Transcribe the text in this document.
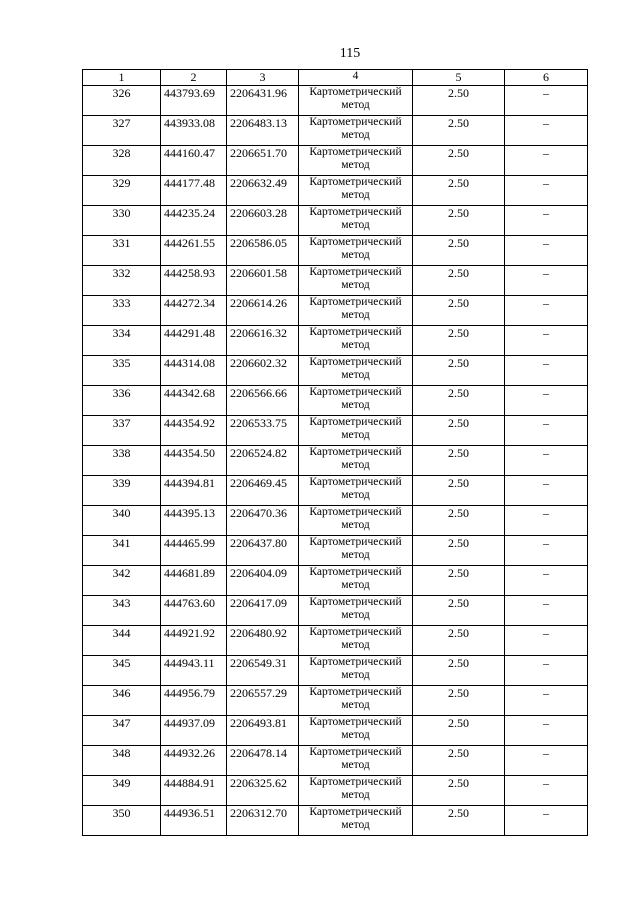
115
1	2	3	4	5	6
326	443793.69	2206431.96	Картометрический метод	2.50	–
327	443933.08	2206483.13	Картометрический метод	2.50	–
328	444160.47	2206651.70	Картометрический метод	2.50	–
329	444177.48	2206632.49	Картометрический метод	2.50	–
330	444235.24	2206603.28	Картометрический метод	2.50	–
331	444261.55	2206586.05	Картометрический метод	2.50	–
332	444258.93	2206601.58	Картометрический метод	2.50	–
333	444272.34	2206614.26	Картометрический метод	2.50	–
334	444291.48	2206616.32	Картометрический метод	2.50	–
335	444314.08	2206602.32	Картометрический метод	2.50	–
336	444342.68	2206566.66	Картометрический метод	2.50	–
337	444354.92	2206533.75	Картометрический метод	2.50	–
338	444354.50	2206524.82	Картометрический метод	2.50	–
339	444394.81	2206469.45	Картометрический метод	2.50	–
340	444395.13	2206470.36	Картометрический метод	2.50	–
341	444465.99	2206437.80	Картометрический метод	2.50	–
342	444681.89	2206404.09	Картометрический метод	2.50	–
343	444763.60	2206417.09	Картометрический метод	2.50	–
344	444921.92	2206480.92	Картометрический метод	2.50	–
345	444943.11	2206549.31	Картометрический метод	2.50	–
346	444956.79	2206557.29	Картометрический метод	2.50	–
347	444937.09	2206493.81	Картометрический метод	2.50	–
348	444932.26	2206478.14	Картометрический метод	2.50	–
349	444884.91	2206325.62	Картометрический метод	2.50	–
350	444936.51	2206312.70	Картометрический метод	2.50	–
